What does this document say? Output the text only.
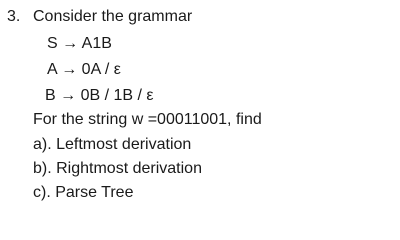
3. Consider the grammar
S → A1B
A → 0A / ε
B → 0B / 1B / ε
For the string w =00011001, find
a). Leftmost derivation
b). Rightmost derivation
c). Parse Tree
